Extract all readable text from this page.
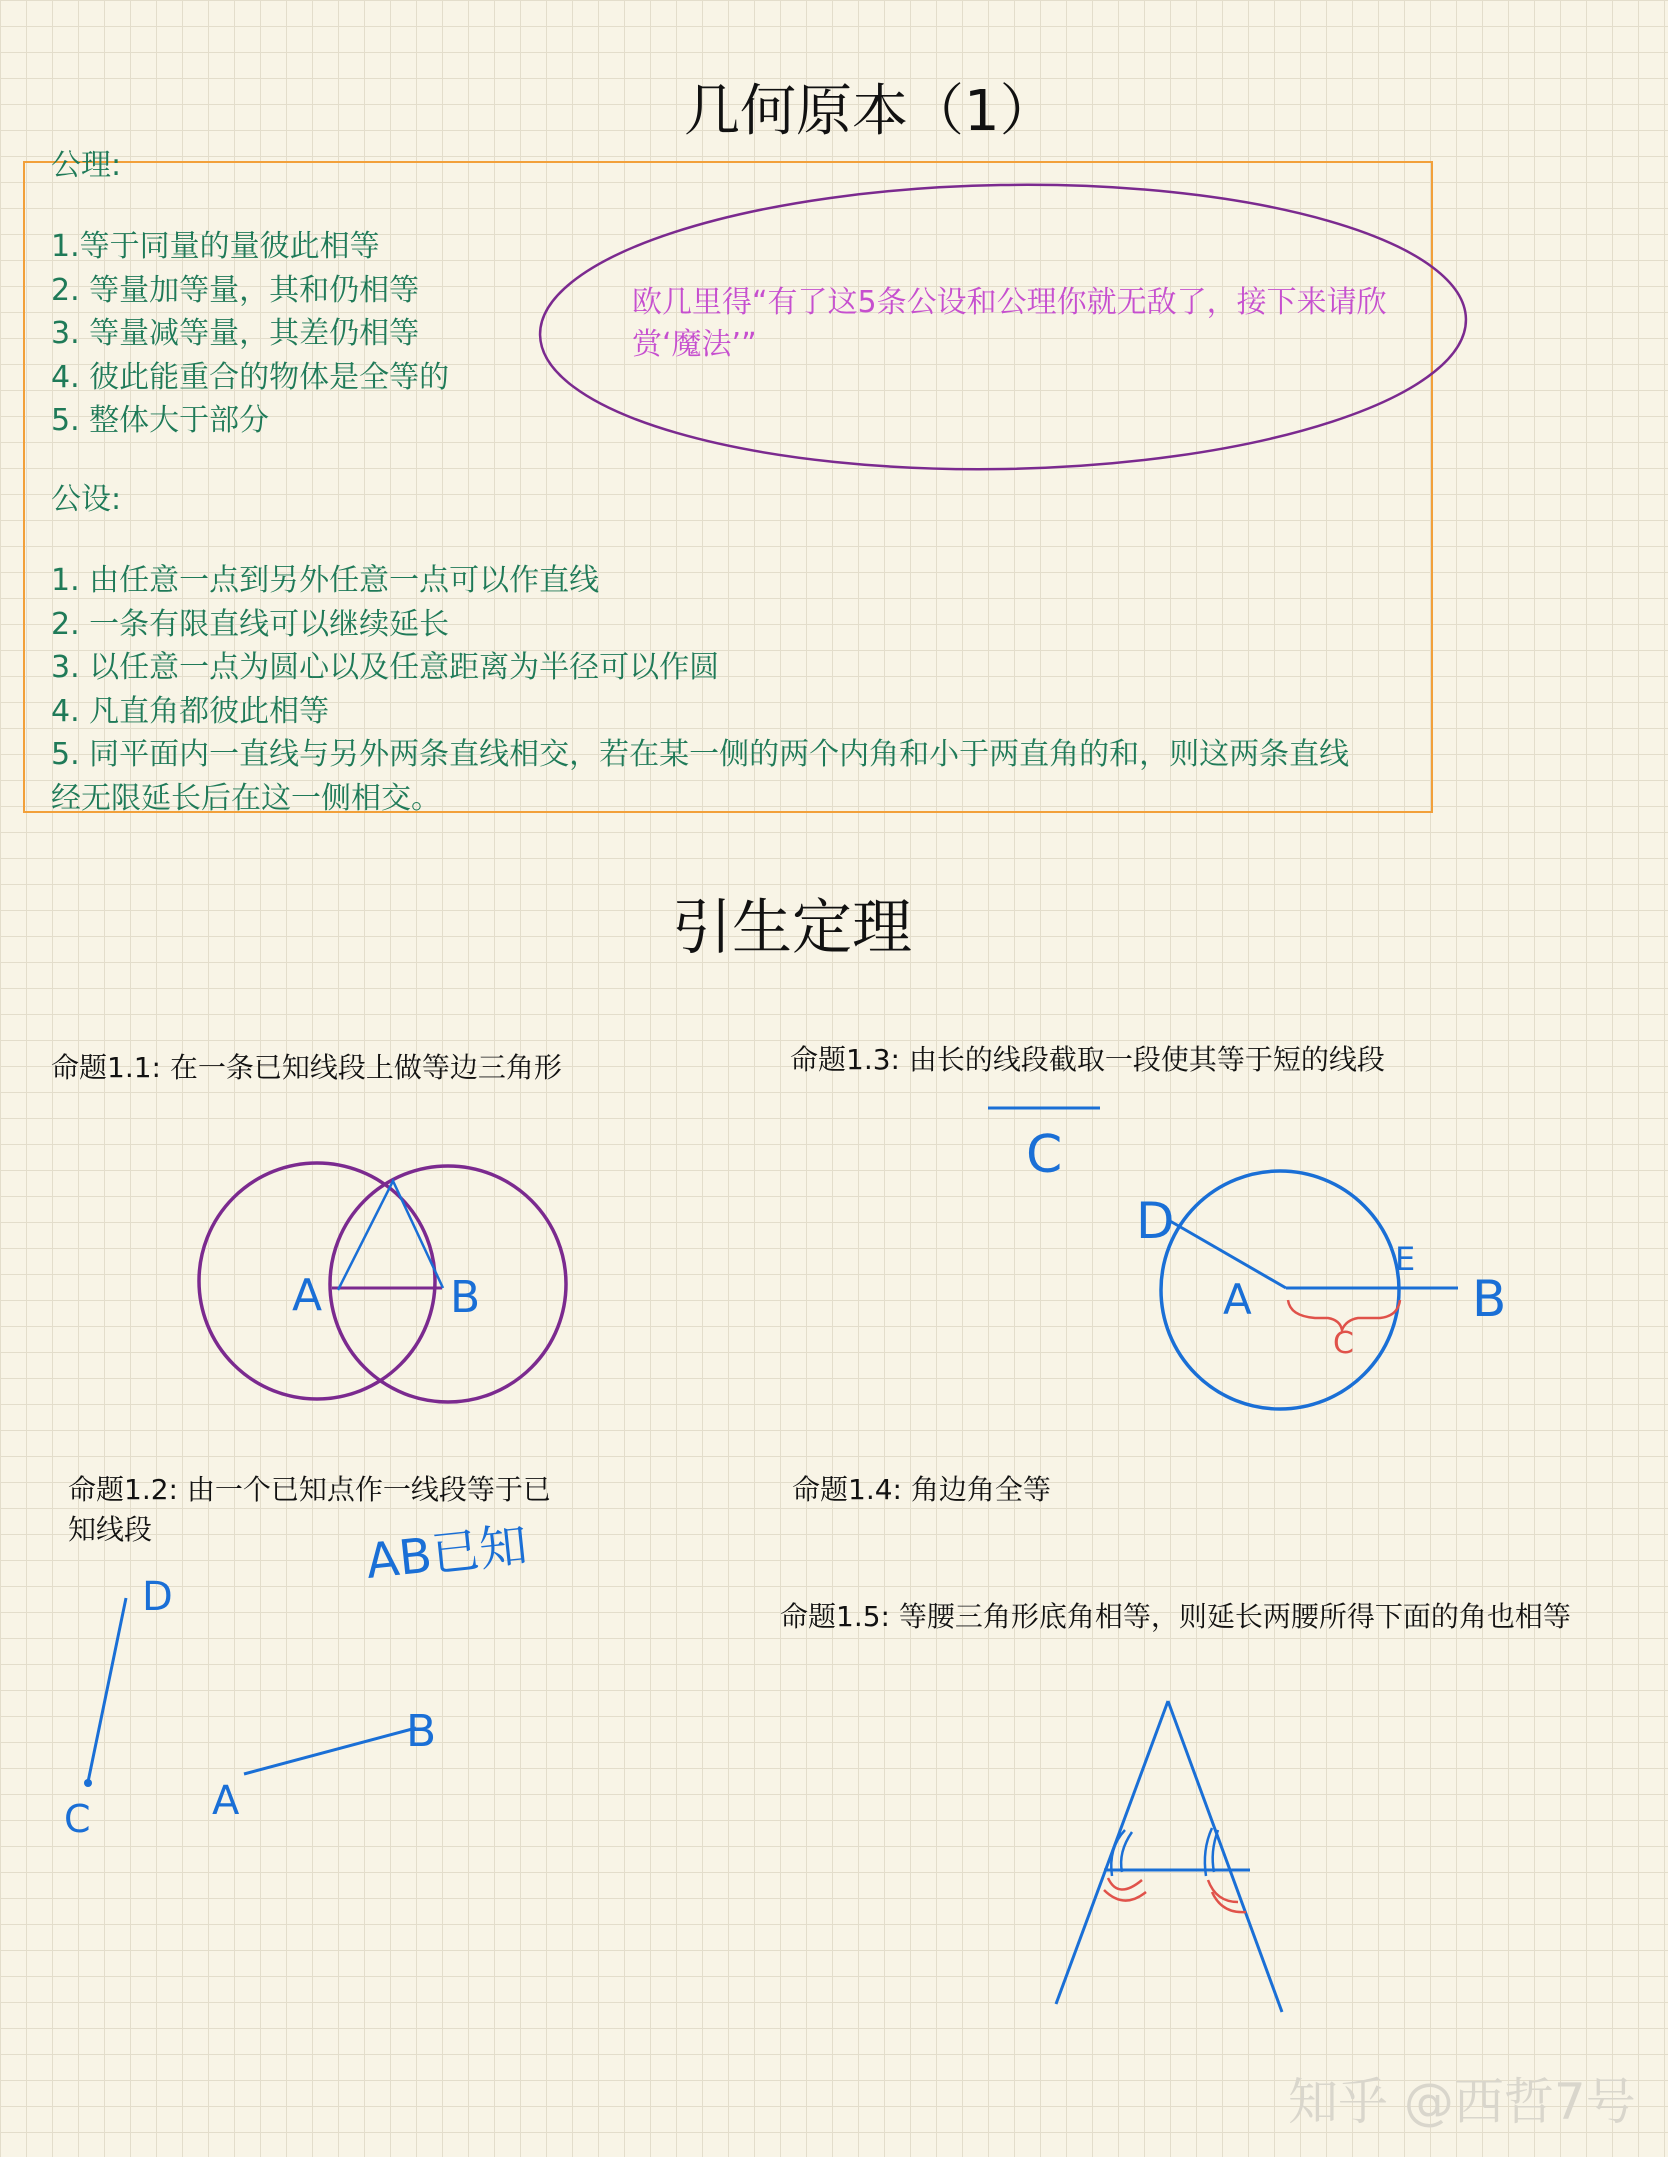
几何原本（1）
公理:
1.等于同量的量彼此相等
2. 等量加等量，其和仍相等
3. 等量减等量，其差仍相等
4. 彼此能重合的物体是全等的
5. 整体大于部分
公设:
1. 由任意一点到另外任意一点可以作直线
2. 一条有限直线可以继续延长
3. 以任意一点为圆心以及任意距离为半径可以作圆
4. 凡直角都彼此相等
5. 同平面内一直线与另外两条直线相交，若在某一侧的两个内角和小于两直角的和，则这两条直线
经无限延长后在这一侧相交。
欧几里得“有了这5条公设和公理你就无敌了，接下来请欣赏‘魔法’”
引生定理
命题1.1: 在一条已知线段上做等边三角形	命题1.3: 由长的线段截取一段使其等于短的线段
命题1.2: 由一个已知点作一线段等于已
知线段
命题1.4: 角边角全等
命题1.5: 等腰三角形底角相等，则延长两腰所得下面的角也相等
A	B
C
D
A
E
B
C
AB已知
D
C	A
B
知乎 @西哲7号
